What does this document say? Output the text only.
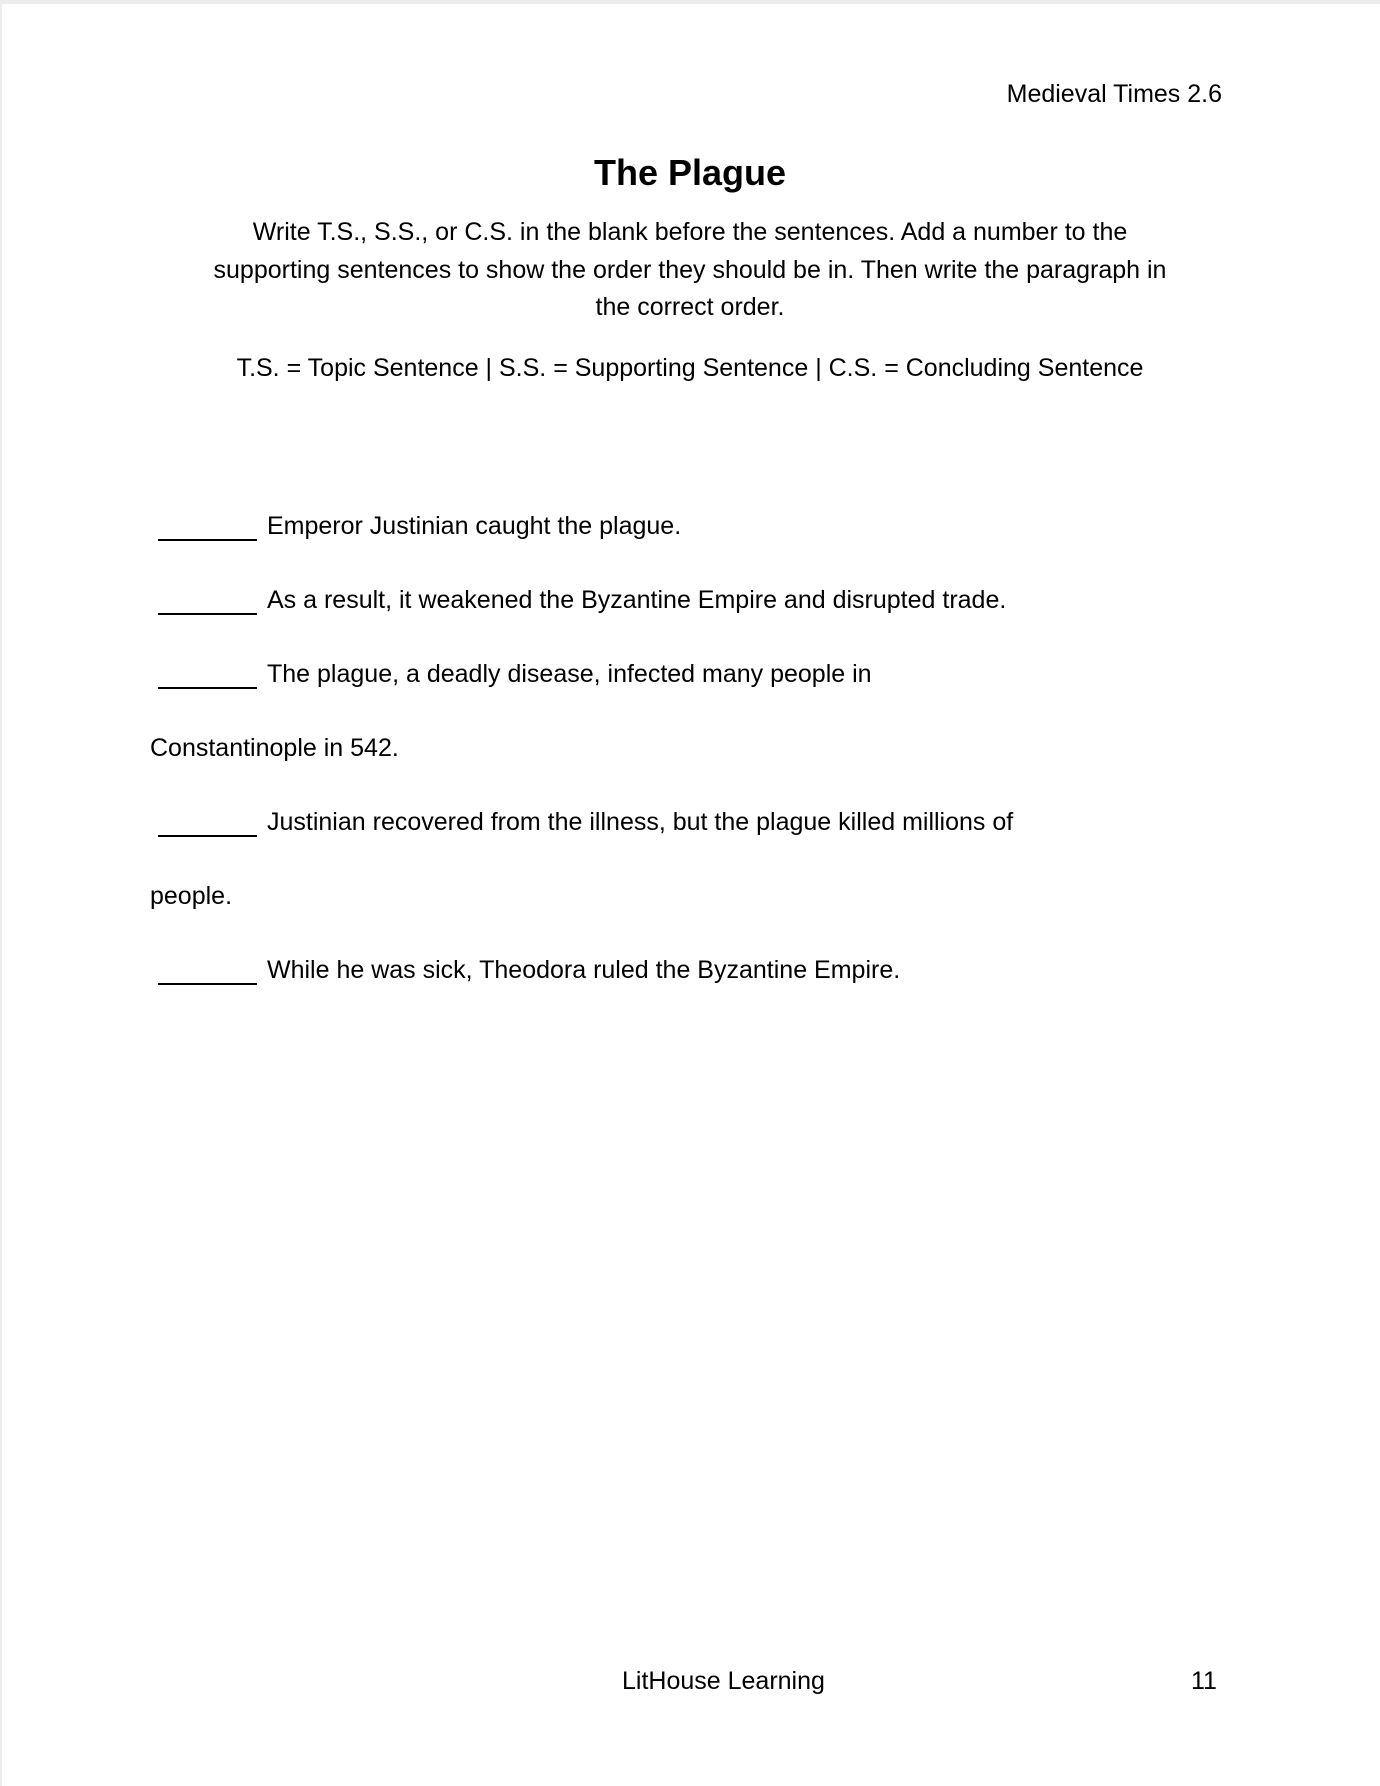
Medieval Times 2.6
The Plague
Write T.S., S.S., or C.S. in the blank before the sentences. Add a number to the
supporting sentences to show the order they should be in. Then write the paragraph in
the correct order.
T.S. = Topic Sentence | S.S. = Supporting Sentence | C.S. = Concluding Sentence
Emperor Justinian caught the plague.
As a result, it weakened the Byzantine Empire and disrupted trade.
The plague, a deadly disease, infected many people in
Constantinople in 542.
Justinian recovered from the illness, but the plague killed millions of
people.
While he was sick, Theodora ruled the Byzantine Empire.
LitHouse Learning	11
